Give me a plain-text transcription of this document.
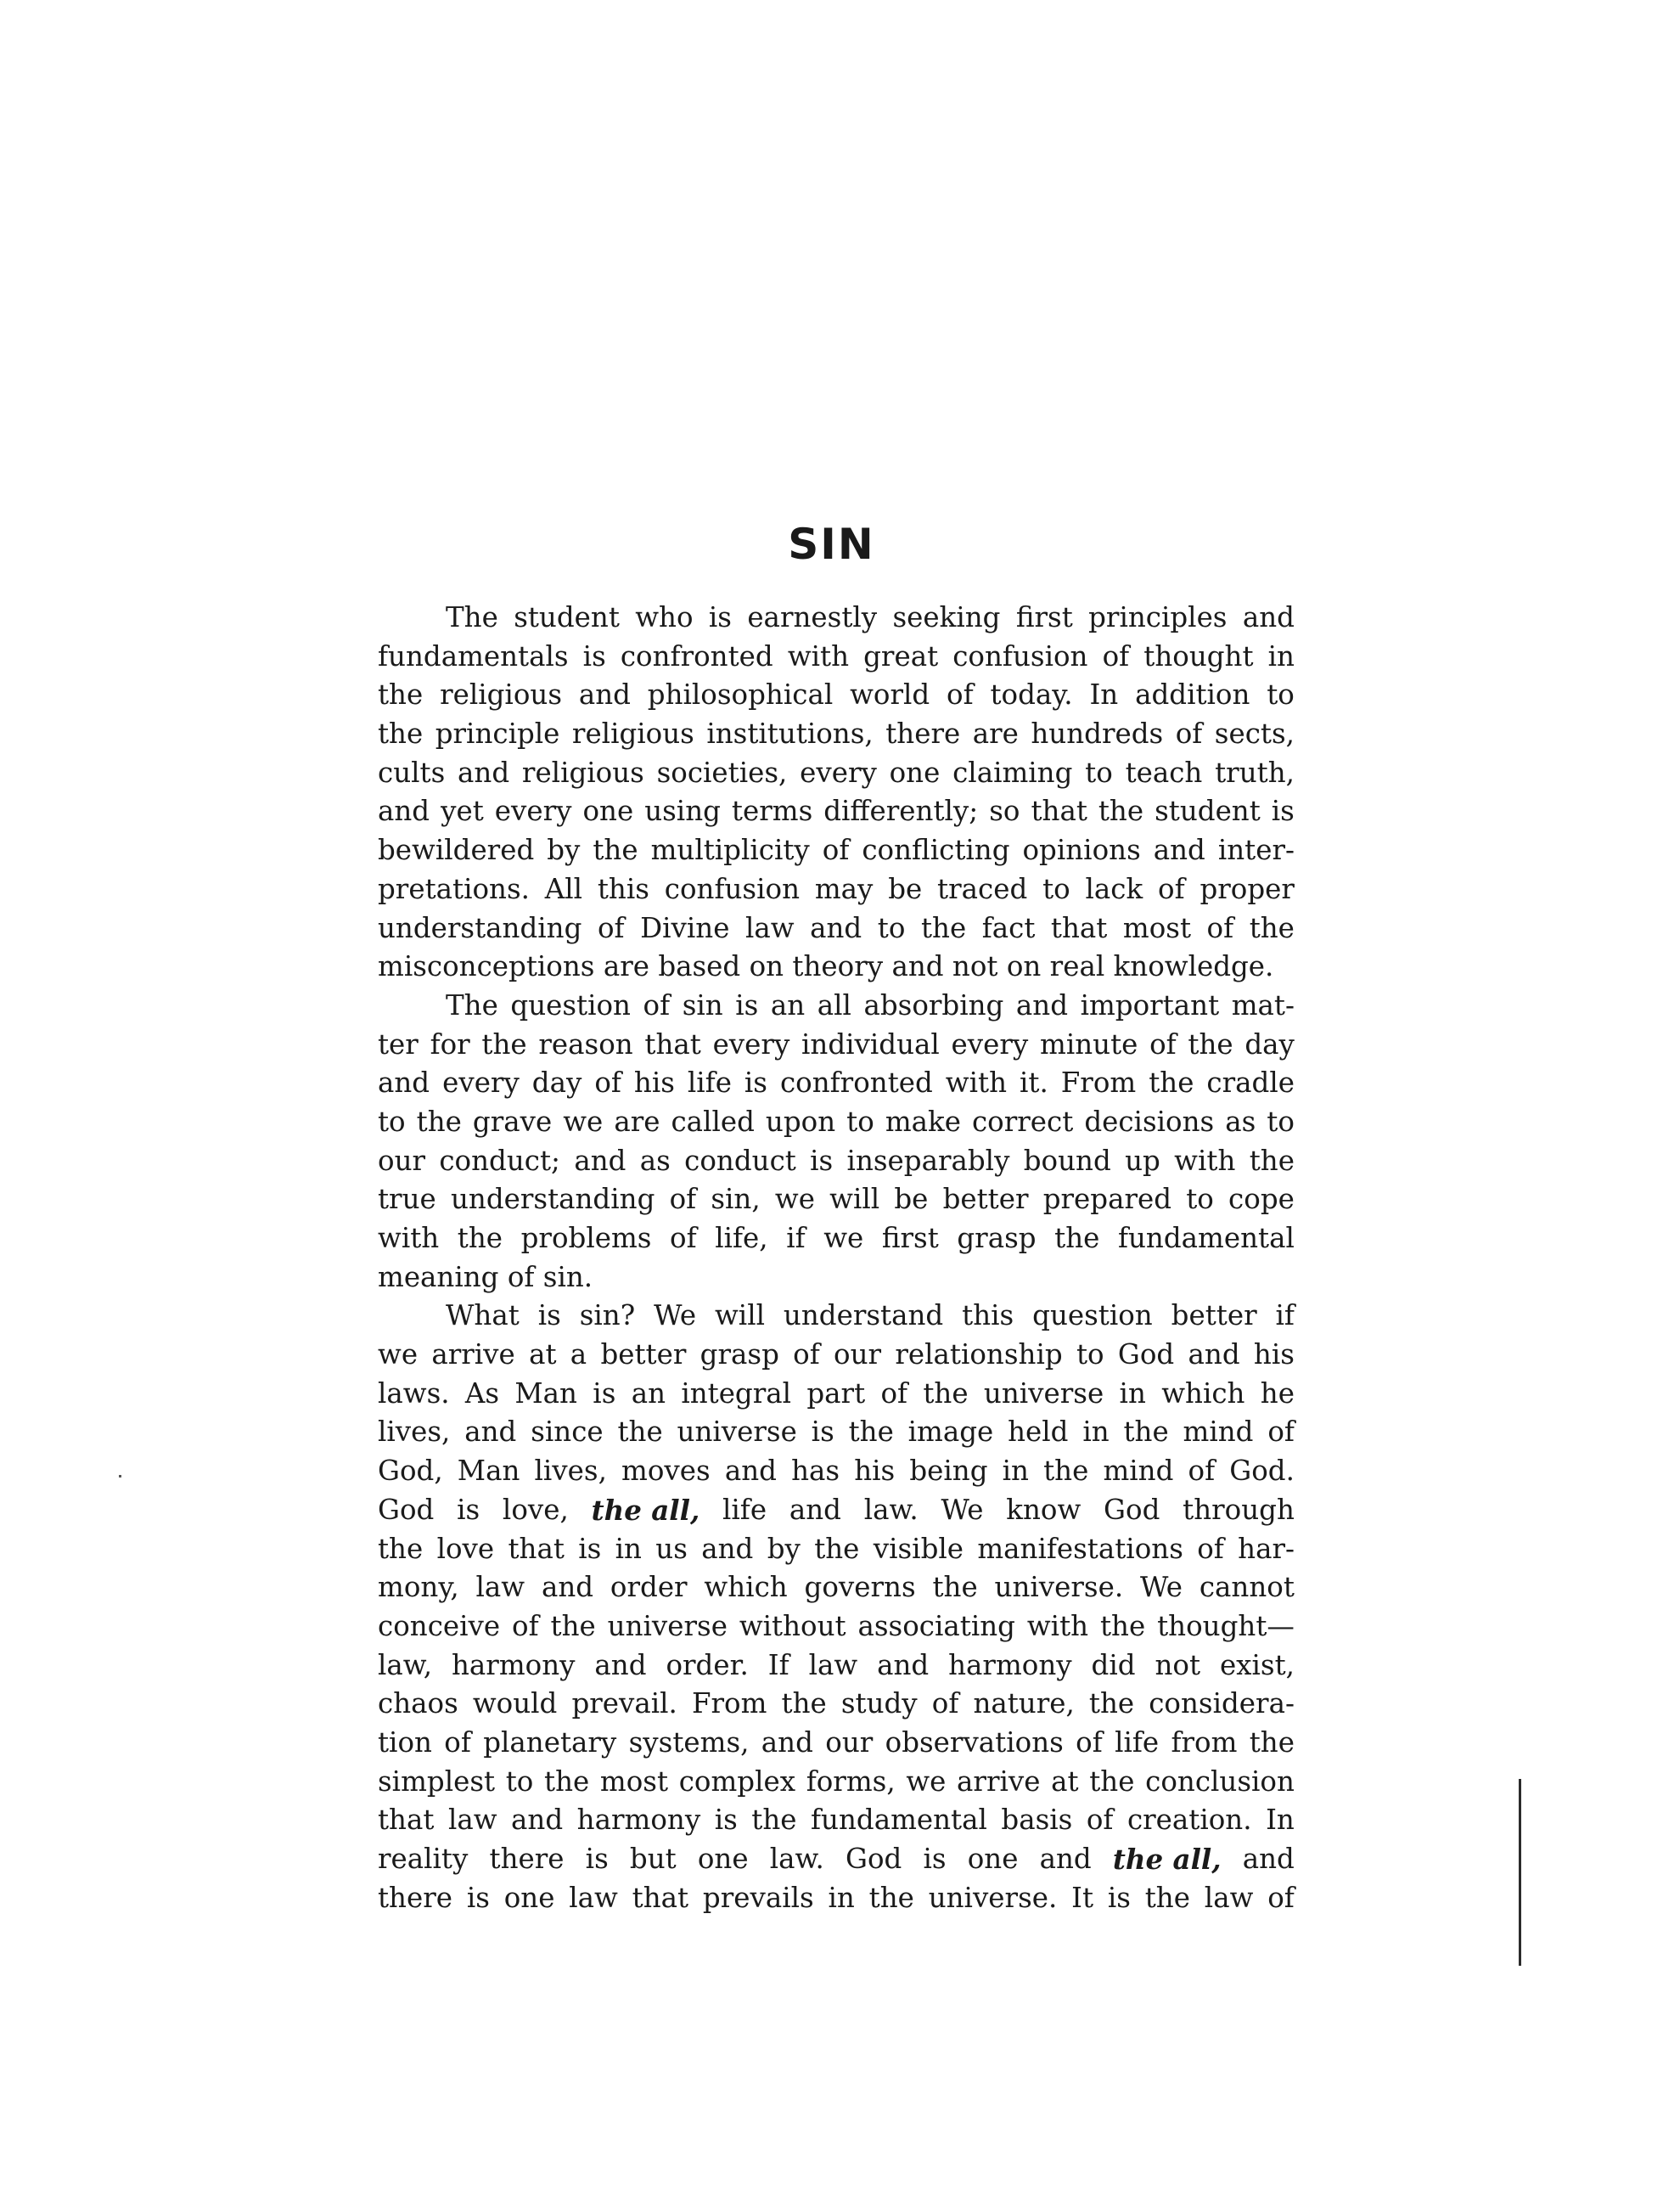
SIN
The student who is earnestly seeking first principles and
fundamentals is confronted with great confusion of thought in
the religious and philosophical world of today. In addition to
the principle religious institutions, there are hundreds of sects,
cults and religious societies, every one claiming to teach truth,
and yet every one using terms differently; so that the student is
bewildered by the multiplicity of conflicting opinions and inter-
pretations. All this confusion may be traced to lack of proper
understanding of Divine law and to the fact that most of the
misconceptions
are
based
on
theory
and
not
on
real
knowledge.
The question of sin is an all absorbing and important mat-
ter for the reason that every individual every minute of the day
and every day of his life is confronted with it. From the cradle
to the grave we are called upon to make correct decisions as to
our conduct; and as conduct is inseparably bound up with the
true understanding of sin, we will be better prepared to cope
with the problems of life, if we first grasp the fundamental
meaning
of
sin.
What is sin? We will understand this question better if
we arrive at a better grasp of our relationship to God and his
laws. As Man is an integral part of the universe in which he
lives, and since the universe is the image held in the mind of
God, Man lives, moves and has his being in the mind of God.
God is love, the all, life and law. We know God through
the love that is in us and by the visible manifestations of har-
mony, law and order which governs the universe. We cannot
conceive of the universe without associating with the thought—
law, harmony and order. If law and harmony did not exist,
chaos would prevail. From the study of nature, the considera-
tion of planetary systems, and our observations of life from the
simplest to the most complex forms, we arrive at the conclusion
that law and harmony is the fundamental basis of creation. In
reality there is but one law. God is one and the all, and
there is one law that prevails in the universe. It is the law of
